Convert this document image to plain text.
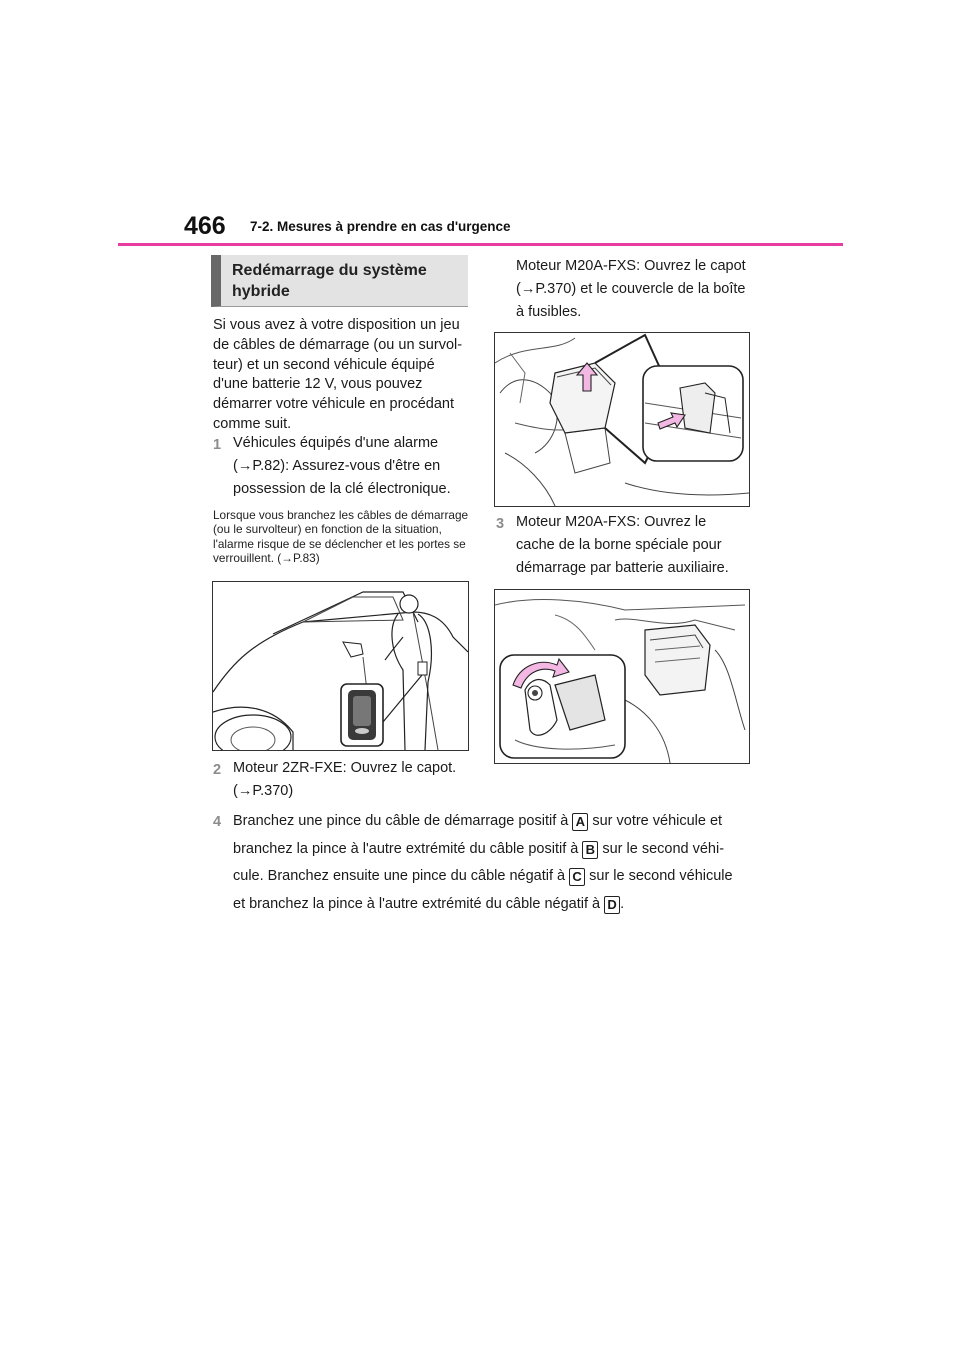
466 7-2. Mesures à prendre en cas d'urgence
Redémarrage du système hybride
Si vous avez à votre disposition un jeu de câbles de démarrage (ou un survol-teur) et un second véhicule équipé d'une batterie 12 V, vous pouvez démarrer votre véhicule en procédant comme suit.
1 Véhicules équipés d'une alarme (→P.82): Assurez-vous d'être en possession de la clé électronique.
Lorsque vous branchez les câbles de démarrage (ou le survolteur) en fonction de la situation, l'alarme risque de se déclencher et les portes se verrouillent. (→P.83)
2 Moteur 2ZR-FXE: Ouvrez le capot. (→P.370)
Moteur M20A-FXS: Ouvrez le capot (→P.370) et le couvercle de la boîte à fusibles.
3 Moteur M20A-FXS: Ouvrez le cache de la borne spéciale pour démarrage par batterie auxiliaire.
4 Branchez une pince du câble de démarrage positif à A sur votre véhicule et
branchez la pince à l'autre extrémité du câble positif à B sur le second véhi-
cule. Branchez ensuite une pince du câble négatif à C sur le second véhicule
et branchez la pince à l'autre extrémité du câble négatif à D .
